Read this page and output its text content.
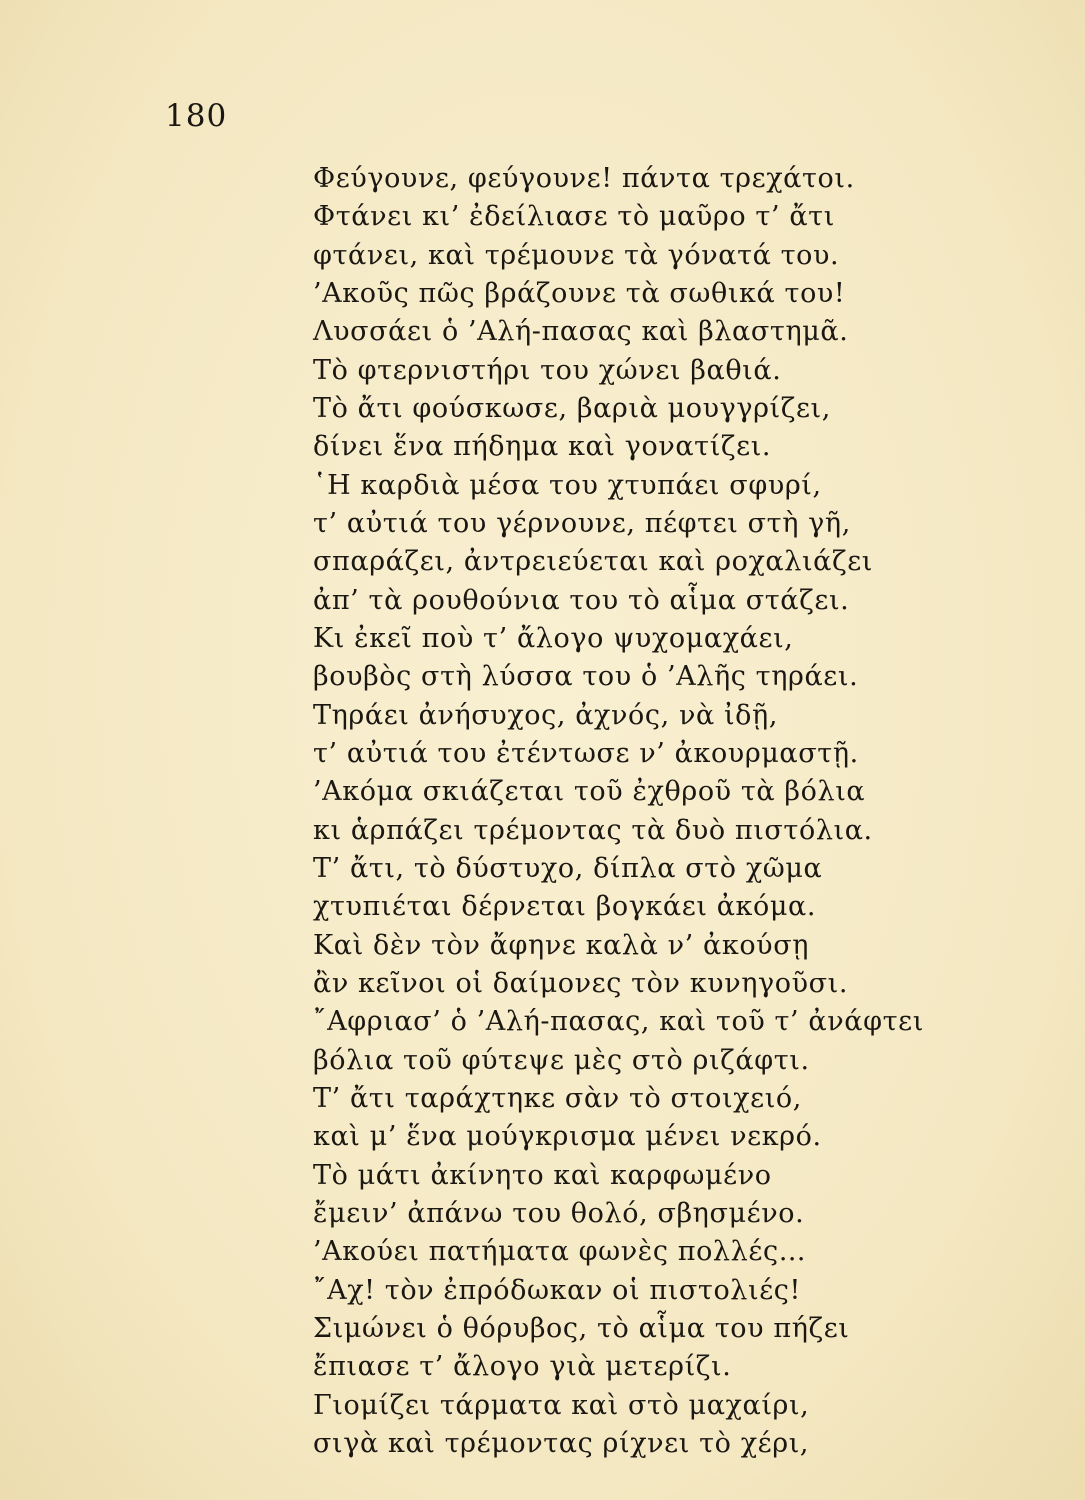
180
Φεύγουνε, φεύγουνε! πάντα τρεχάτοι.
Φτάνει κι’ ἐδείλιασε τὸ μαῦρο τ’ ἄτι
φτάνει, καὶ τρέμουνε τὰ γόνατά του.
’Ακοῦς πῶς βράζουνε τὰ σωθικά του!
Λυσσάει ὁ ’Αλή-πασας καὶ βλαστημᾶ.
Τὸ φτερνιστήρι του χώνει βαθιά.
Τὸ ἄτι φούσκωσε, βαριὰ μουγγρίζει,
δίνει ἕνα πήδημα καὶ γονατίζει.
῾Η καρδιὰ μέσα του χτυπάει σφυρί,
τ’ αὐτιά του γέρνουνε, πέφτει στὴ γῆ,
σπαράζει, ἀντρειεύεται καὶ ροχαλιάζει
ἀπ’ τὰ ρουθούνια του τὸ αἷμα στάζει.
Κι ἐκεῖ ποὺ τ’ ἄλογο ψυχομαχάει,
βουβὸς στὴ λύσσα του ὁ ’Αλῆς τηράει.
Τηράει ἀνήσυχος, ἀχνός, νὰ ἰδῇ,
τ’ αὐτιά του ἐτέντωσε ν’ ἀκουρμαστῇ.
’Ακόμα σκιάζεται τοῦ ἐχθροῦ τὰ βόλια
κι ἁρπάζει τρέμοντας τὰ δυὸ πιστόλια.
Τ’ ἄτι, τὸ δύστυχο, δίπλα στὸ χῶμα
χτυπιέται δέρνεται βογκάει ἀκόμα.
Καὶ δὲν τὸν ἄφηνε καλὰ ν’ ἀκούσῃ
ἂν κεῖνοι οἱ δαίμονες τὸν κυνηγοῦσι.
῎Αφριασ’ ὁ ’Αλή-πασας, καὶ τοῦ τ’ ἀνάφτει
βόλια τοῦ φύτεψε μὲς στὸ ριζάφτι.
Τ’ ἄτι ταράχτηκε σὰν τὸ στοιχειό,
καὶ μ’ ἕνα μούγκρισμα μένει νεκρό.
Τὸ μάτι ἀκίνητο καὶ καρφωμένο
ἔμειν’ ἀπάνω του θολό, σβησμένο.
’Ακούει πατήματα φωνὲς πολλές…
῎Αχ! τὸν ἐπρόδωκαν οἱ πιστολιές!
Σιμώνει ὁ θόρυβος, τὸ αἷμα του πήζει
ἔπιασε τ’ ἄλογο γιὰ μετερίζι.
Γιομίζει τάρματα καὶ στὸ μαχαίρι,
σιγὰ καὶ τρέμοντας ρίχνει τὸ χέρι,
